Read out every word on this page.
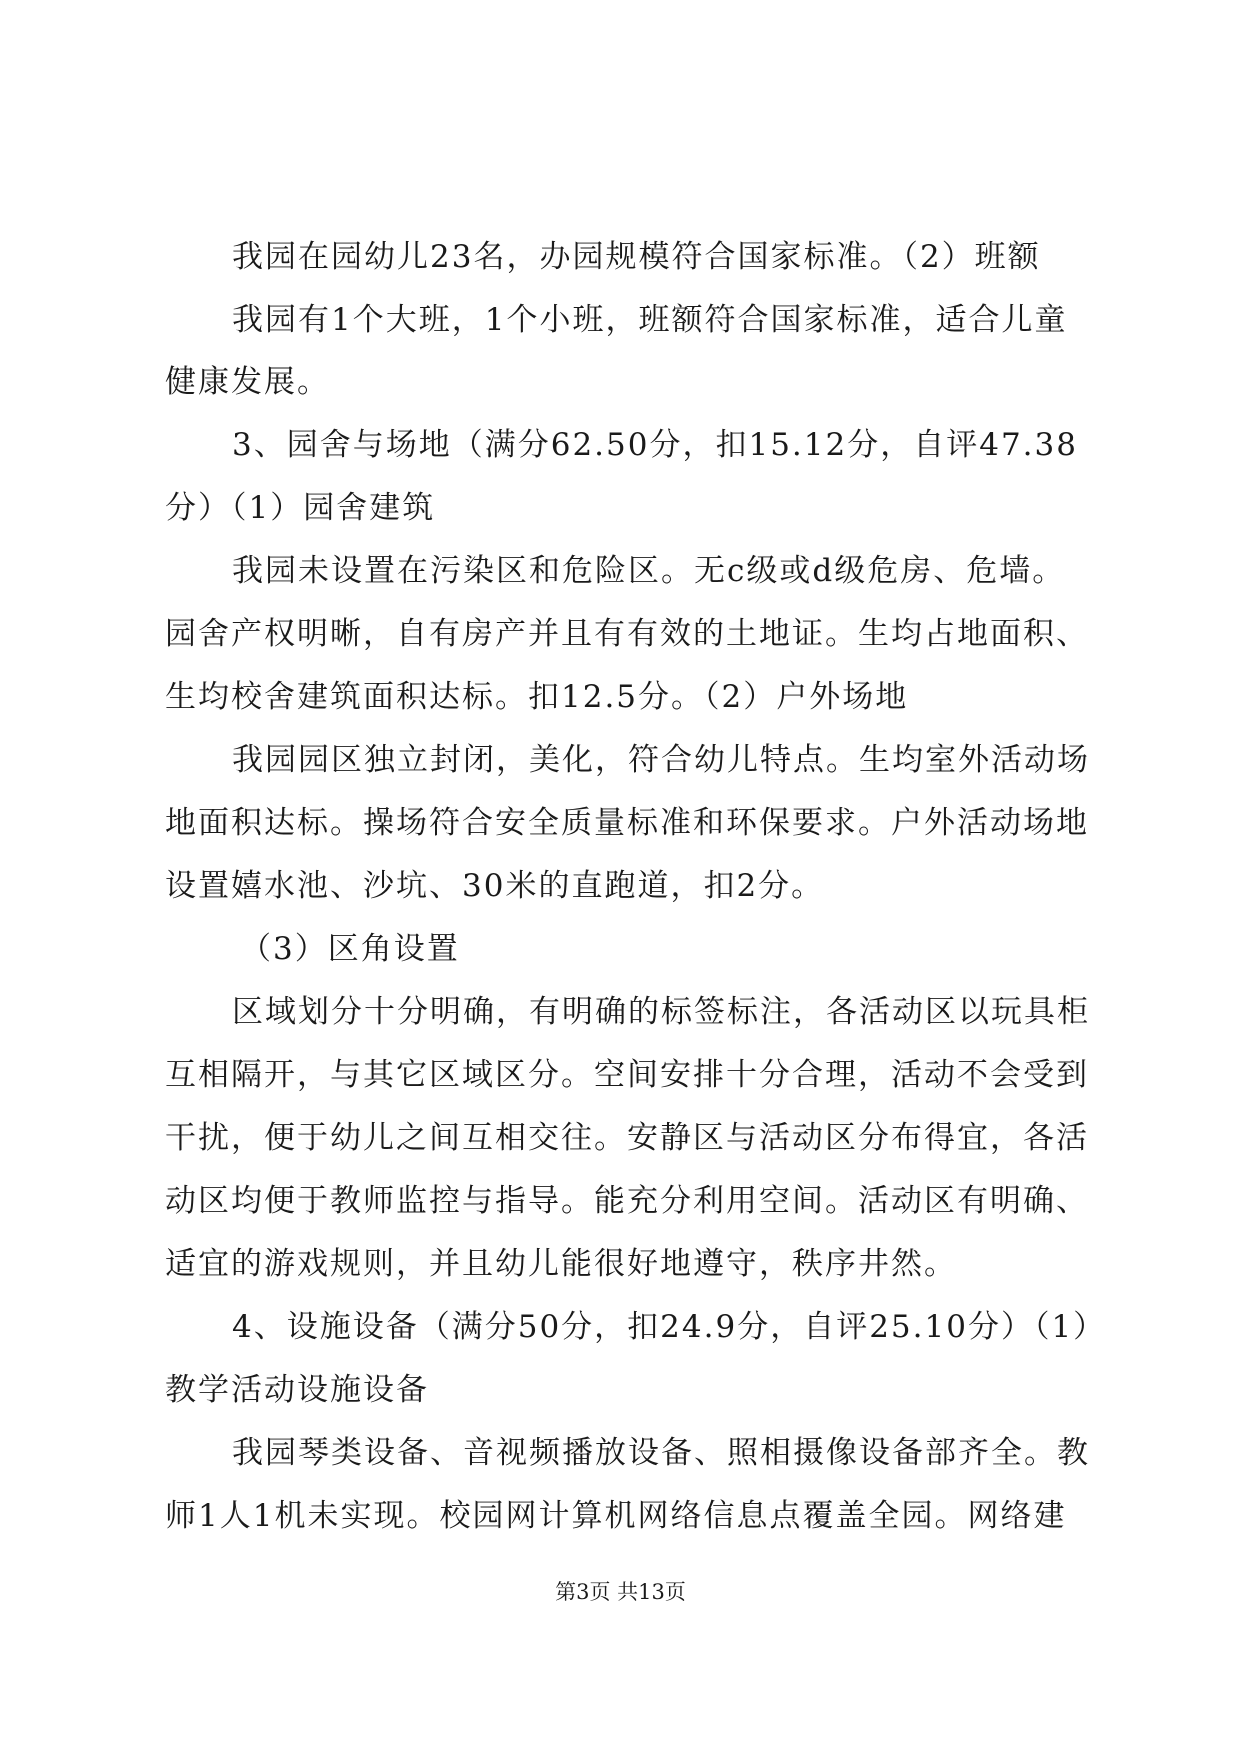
我园在园幼儿23名，办园规模符合国家标准。（2）班额
我园有1个大班，1个小班，班额符合国家标准，适合儿童
健康发展。
3、园舍与场地（满分62.50分，扣15.12分，自评47.38
分）（1）园舍建筑
我园未设置在污染区和危险区。无c级或d级危房、危墙。
园舍产权明晰，自有房产并且有有效的土地证。生均占地面积、
生均校舍建筑面积达标。扣12.5分。（2）户外场地
我园园区独立封闭，美化，符合幼儿特点。生均室外活动场
地面积达标。操场符合安全质量标准和环保要求。户外活动场地
设置嬉水池、沙坑、30米的直跑道，扣2分。
（3）区角设置
区域划分十分明确，有明确的标签标注，各活动区以玩具柜
互相隔开，与其它区域区分。空间安排十分合理，活动不会受到
干扰，便于幼儿之间互相交往。安静区与活动区分布得宜，各活
动区均便于教师监控与指导。能充分利用空间。活动区有明确、
适宜的游戏规则，并且幼儿能很好地遵守，秩序井然。
4、设施设备（满分50分，扣24.9分，自评25.10分）（1）
教学活动设施设备
我园琴类设备、音视频播放设备、照相摄像设备部齐全。教
师1人1机未实现。校园网计算机网络信息点覆盖全园。网络建
第3页 共13页
